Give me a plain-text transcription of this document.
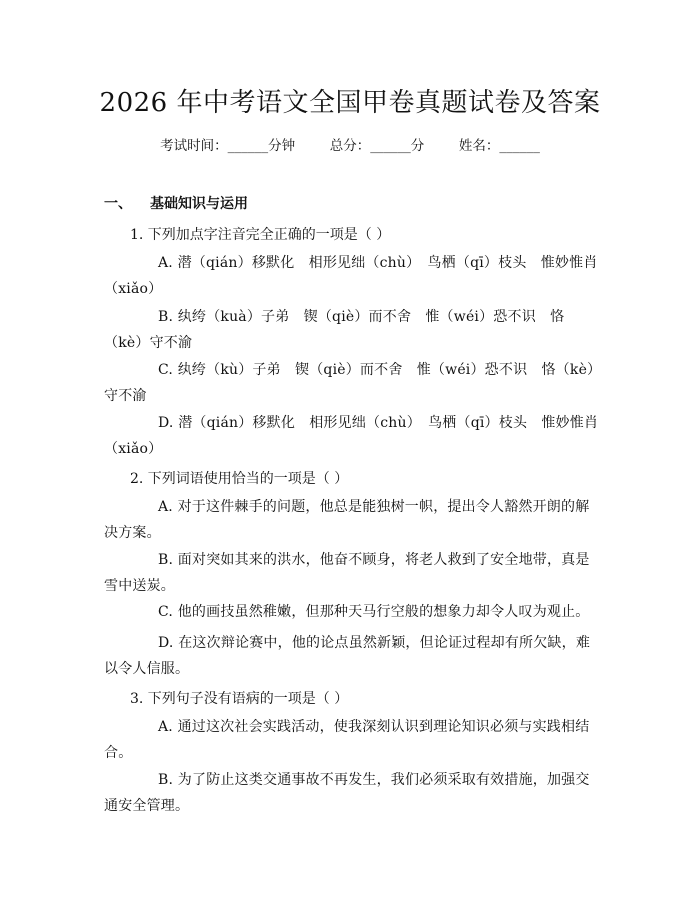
2026 年中考语文全国甲卷真题试卷及答案
考试时间：______分钟	总分：______分	姓名：______
一、 基础知识与运用
1. 下列加点字注音完全正确的一项是（ ）
A. 潜（qián）移默化　相形见绌（chù）　鸟栖（qī）枝头　惟妙惟肖（xiǎo）
B. 纨绔（kuà）子弟　锲（qiè）而不舍　惟（wéi）恐不识　恪（kè）守不渝
C. 纨绔（kù）子弟　锲（qiè）而不舍　惟（wéi）恐不识　恪（kè）守不渝
D. 潜（qián）移默化　相形见绌（chù）　鸟栖（qī）枝头　惟妙惟肖（xiǎo）
2. 下列词语使用恰当的一项是（ ）
A. 对于这件棘手的问题，他总是能独树一帜，提出令人豁然开朗的解决方案。
B. 面对突如其来的洪水，他奋不顾身，将老人救到了安全地带，真是雪中送炭。
C. 他的画技虽然稚嫩，但那种天马行空般的想象力却令人叹为观止。
D. 在这次辩论赛中，他的论点虽然新颖，但论证过程却有所欠缺，难以令人信服。
3. 下列句子没有语病的一项是（ ）
A. 通过这次社会实践活动，使我深刻认识到理论知识必须与实践相结合。
B. 为了防止这类交通事故不再发生，我们必须采取有效措施，加强交通安全管理。
